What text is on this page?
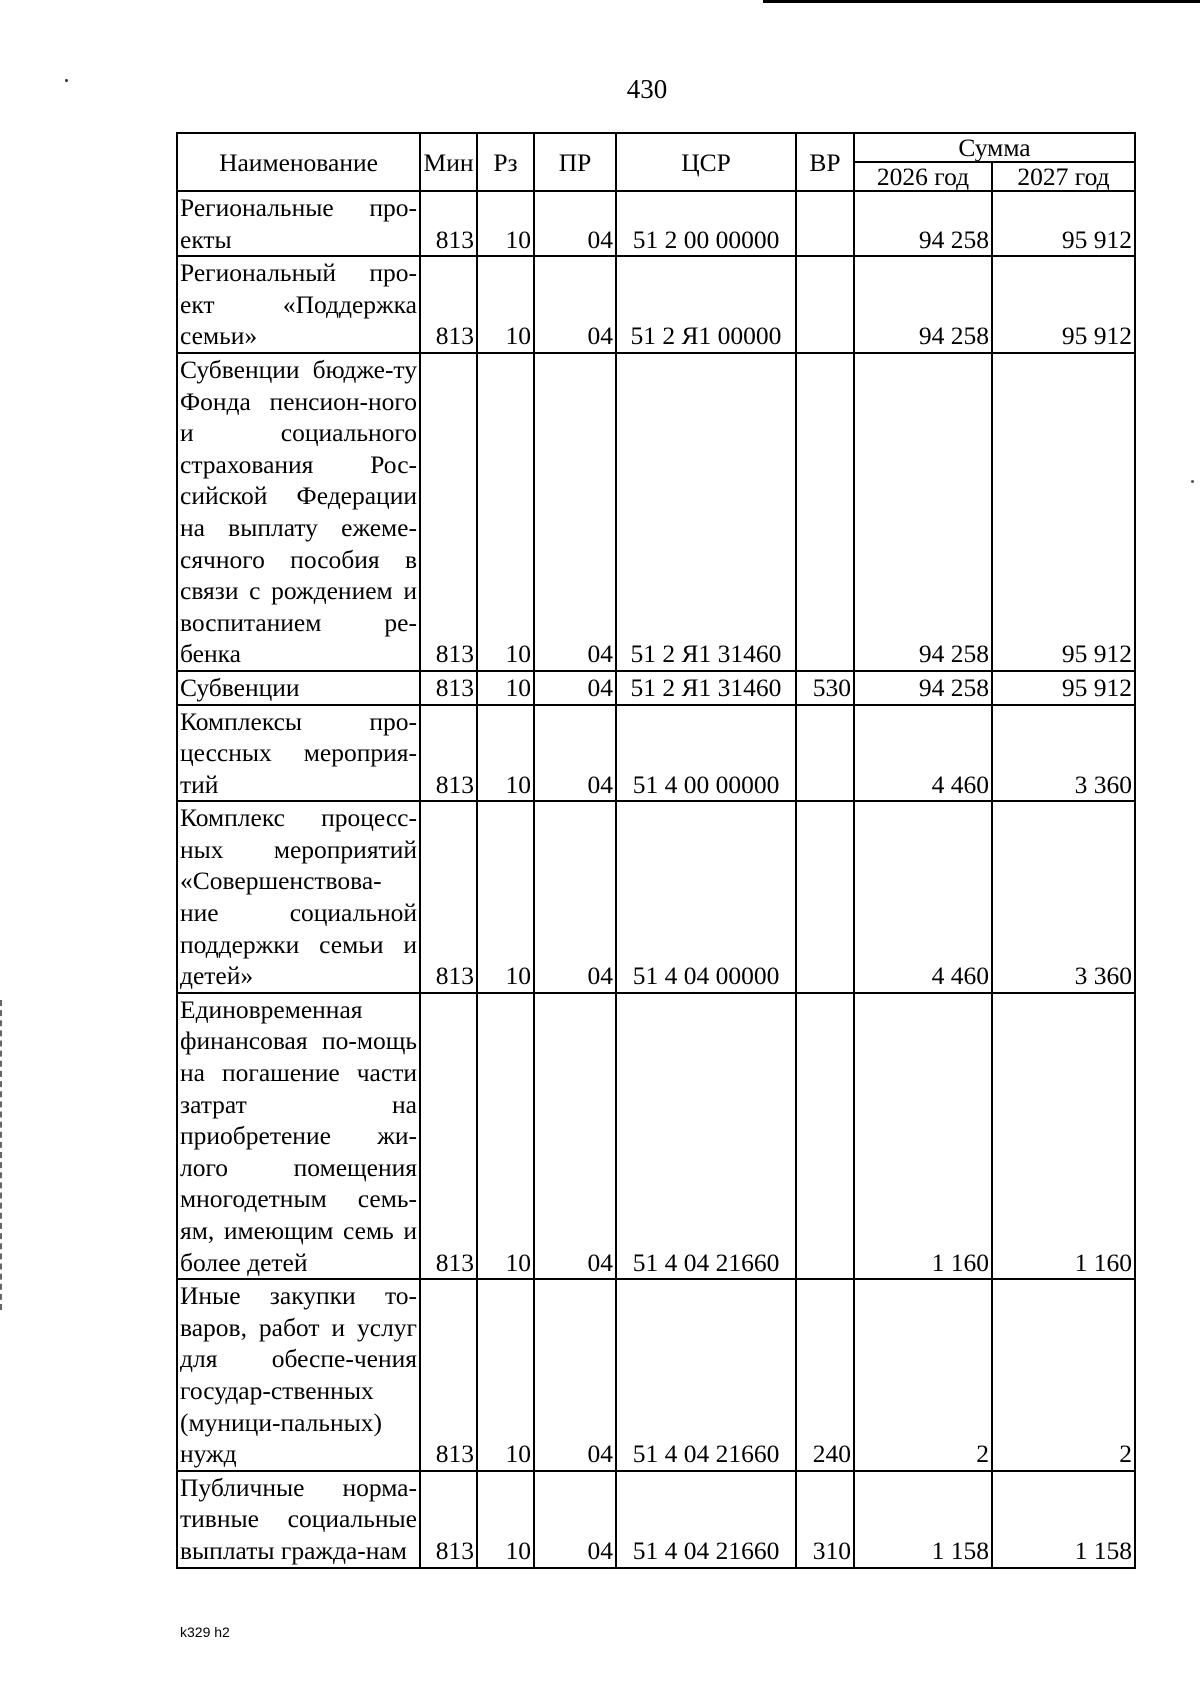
430
Наименование	Мин	Рз	ПР	ЦСР	ВР	Сумма	
						2026 год	2027 год
Региональные про-екты	813	10	04	51 2 00 00000		94 258	95 912
Региональный про-ект «Поддержка семьи»	813	10	04	51 2 Я1 00000		94 258	95 912
Субвенции бюдже-ту Фонда пенсион-ного и социального страхования Рос-сийской Федерации на выплату ежеме-сячного пособия в связи с рождением и воспитанием ре-бенка	813	10	04	51 2 Я1 31460		94 258	95 912
Субвенции	813	10	04	51 2 Я1 31460	530	94 258	95 912
Комплексы про-цессных мероприя-тий	813	10	04	51 4 00 00000		4 460	3 360
Комплекс процесс-ных мероприятий «Совершенствова-ние социальной поддержки семьи и детей»	813	10	04	51 4 04 00000		4 460	3 360
Единовременная финансовая по-мощь на погашение части затрат на приобретение жи-лого помещения многодетным семь-ям, имеющим семь и более детей	813	10	04	51 4 04 21660		1 160	1 160
Иные закупки то-варов, работ и услуг для обеспе-чения государ-ственных (муници-пальных) нужд	813	10	04	51 4 04 21660	240	2	2
Публичные норма-тивные социальные выплаты гражда-нам	813	10	04	51 4 04 21660	310	1 158	1 158
k329 h2
